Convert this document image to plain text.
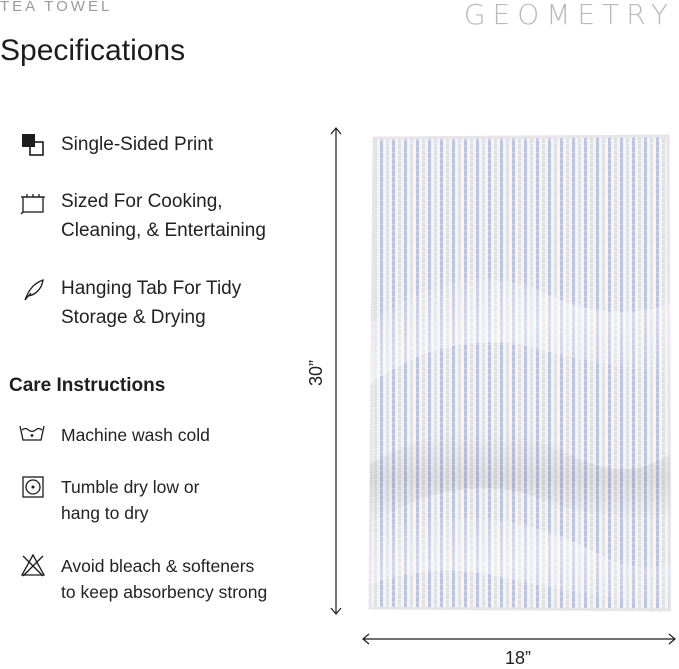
TEA TOWEL	GEOMETRY
Specifications
Single-Sided Print
Sized For Cooking,
Cleaning, & Entertaining
Hanging Tab For Tidy
Storage & Drying
Care Instructions
Machine wash cold
Tumble dry low or
hang to dry
Avoid bleach & softeners
to keep absorbency strong
30”
18”
